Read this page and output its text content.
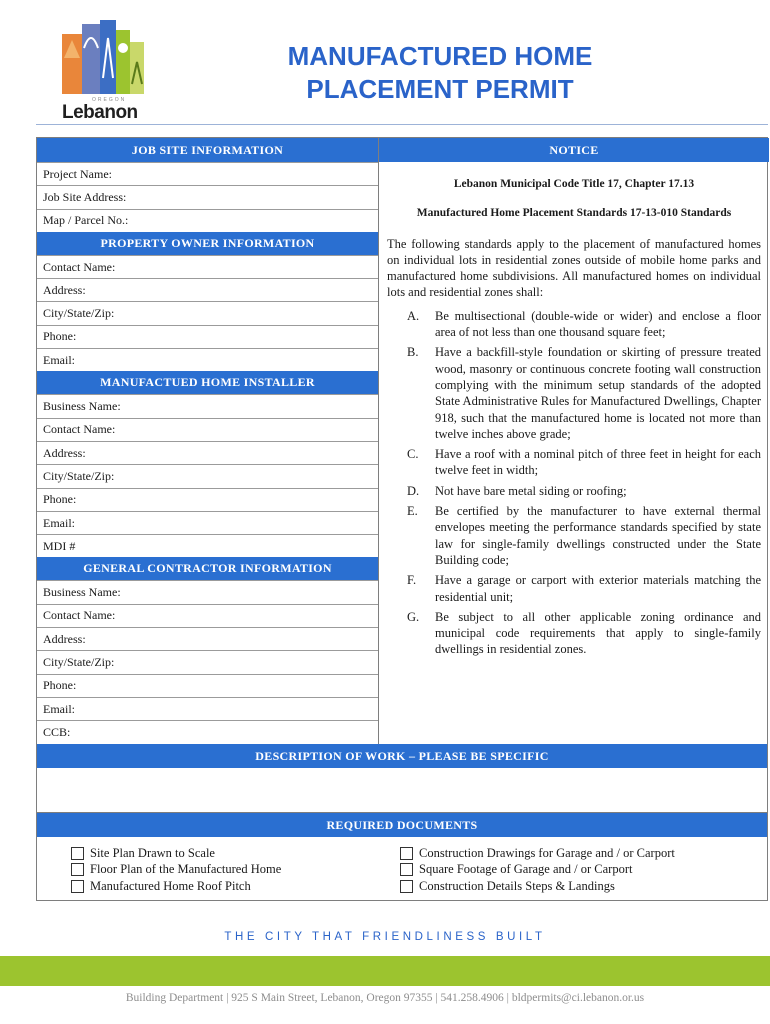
OREGON
Lebanon
MANUFACTURED HOME
PLACEMENT PERMIT
JOB SITE INFORMATION
Project Name:
Job Site Address:
Map / Parcel No.:
PROPERTY OWNER INFORMATION
Contact Name:
Address:
City/State/Zip:
Phone:
Email:
MANUFACTUED HOME INSTALLER
Business Name:
Contact Name:
Address:
City/State/Zip:
Phone:
Email:
MDI #
GENERAL CONTRACTOR INFORMATION
Business Name:
Contact Name:
Address:
City/State/Zip:
Phone:
Email:
CCB:
NOTICE
Lebanon Municipal Code Title 17, Chapter 17.13
Manufactured Home Placement Standards 17-13-010 Standards
The following standards apply to the placement of manufactured homes on individual lots in residential zones outside of mobile home parks and manufactured home subdivisions. All manufactured homes on individual lots and residential zones shall:
A.	Be multisectional (double-wide or wider) and enclose a floor area of not less than one thousand square feet;
B.	Have a backfill-style foundation or skirting of pressure treated wood, masonry or continuous concrete footing wall construction complying with the minimum setup standards of the adopted State Administrative Rules for Manufactured Dwellings, Chapter 918, such that the manufactured home is located not more than twelve inches above grade;
C.	Have a roof with a nominal pitch of three feet in height for each twelve feet in width;
D.	Not have bare metal siding or roofing;
E.	Be certified by the manufacturer to have external thermal envelopes meeting the performance standards specified by state law for single-family dwellings constructed under the State Building code;
F.	Have a garage or carport with exterior materials matching the residential unit;
G.	Be subject to all other applicable zoning ordinance and municipal code requirements that apply to single-family dwellings in residential zones.
DESCRIPTION OF WORK – PLEASE BE SPECIFIC
REQUIRED DOCUMENTS
Site Plan Drawn to Scale
Floor Plan of the Manufactured Home
Manufactured Home Roof Pitch
Construction Drawings for Garage and / or Carport
Square Footage of Garage and / or Carport
Construction Details Steps & Landings
THE CITY THAT FRIENDLINESS BUILT
Building Department | 925 S Main Street, Lebanon, Oregon 97355 | 541.258.4906 | bldpermits@ci.lebanon.or.us
